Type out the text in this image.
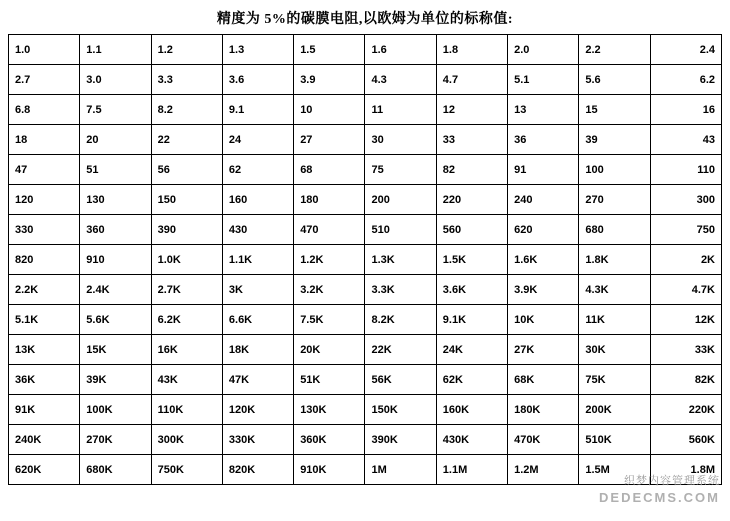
精度为 5%的碳膜电阻,以欧姆为单位的标称值:
1.0	1.1	1.2	1.3	1.5	1.6	1.8	2.0	2.2	2.4
2.7	3.0	3.3	3.6	3.9	4.3	4.7	5.1	5.6	6.2
6.8	7.5	8.2	9.1	10	11	12	13	15	16
18	20	22	24	27	30	33	36	39	43
47	51	56	62	68	75	82	91	100	110
120	130	150	160	180	200	220	240	270	300
330	360	390	430	470	510	560	620	680	750
820	910	1.0K	1.1K	1.2K	1.3K	1.5K	1.6K	1.8K	2K
2.2K	2.4K	2.7K	3K	3.2K	3.3K	3.6K	3.9K	4.3K	4.7K
5.1K	5.6K	6.2K	6.6K	7.5K	8.2K	9.1K	10K	11K	12K
13K	15K	16K	18K	20K	22K	24K	27K	30K	33K
36K	39K	43K	47K	51K	56K	62K	68K	75K	82K
91K	100K	110K	120K	130K	150K	160K	180K	200K	220K
240K	270K	300K	330K	360K	390K	430K	470K	510K	560K
620K	680K	750K	820K	910K	1M	1.1M	1.2M	1.5M	1.8M
织梦内容管理系统
DEDECMS.COM
